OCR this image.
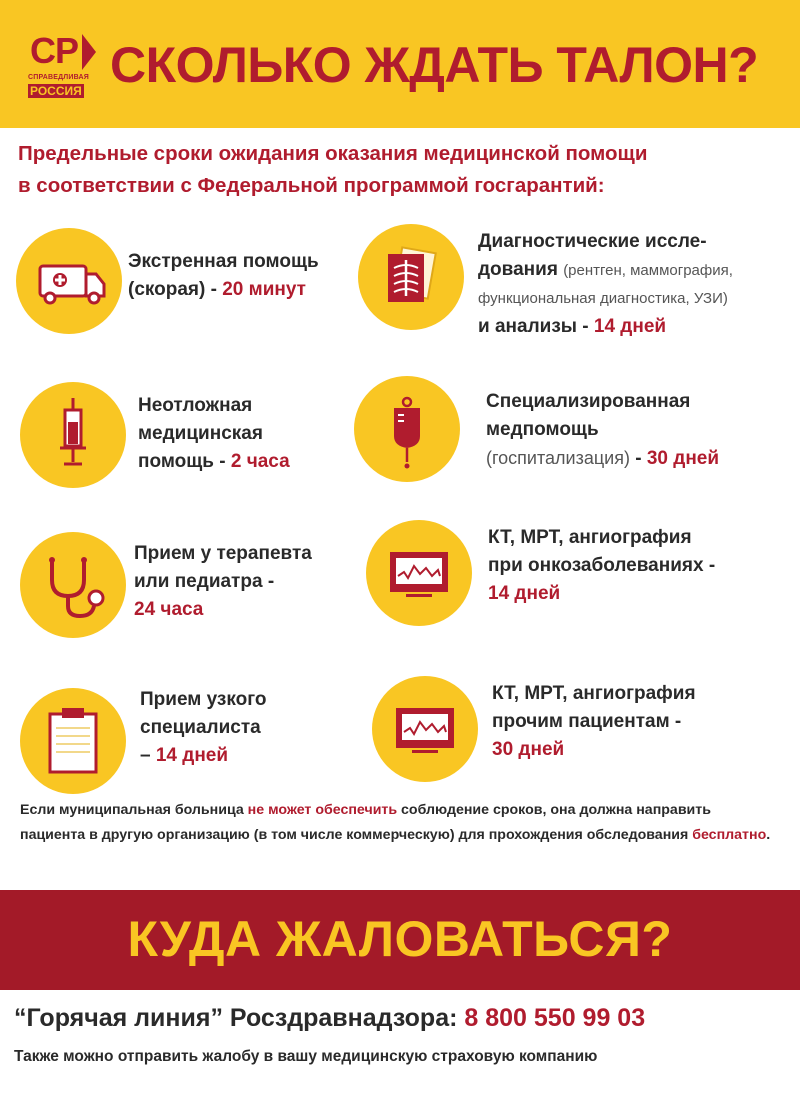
СР
СПРАВЕДЛИВАЯ
РОССИЯ СКОЛЬКО ЖДАТЬ ТАЛОН?
Предельные сроки ожидания оказания медицинской помощи
в соответствии с Федеральной программой госгарантий:
Экстренная помощь
(скорая) - 20 минут
Диагностические иссле-
дования (рентген, маммография,
функциональная диагностика, УЗИ)
и анализы - 14 дней
Неотложная
медицинская
помощь - 2 часа
Специализированная
медпомощь
(госпитализация) - 30 дней
Прием у терапевта
или педиатра -
24 часа
КТ, МРТ, ангиография
при онкозаболеваниях -
14 дней
Прием узкого
специалиста
– 14 дней
КТ, МРТ, ангиография
прочим пациентам -
30 дней
Если муниципальная больница не может обеспечить соблюдение сроков, она должна направить пациента в другую организацию (в том числе коммерческую) для прохождения обследования бесплатно.
КУДА ЖАЛОВАТЬСЯ?
“Горячая линия” Росздравнадзора: 8 800 550 99 03
Также можно отправить жалобу в вашу медицинскую страховую компанию
